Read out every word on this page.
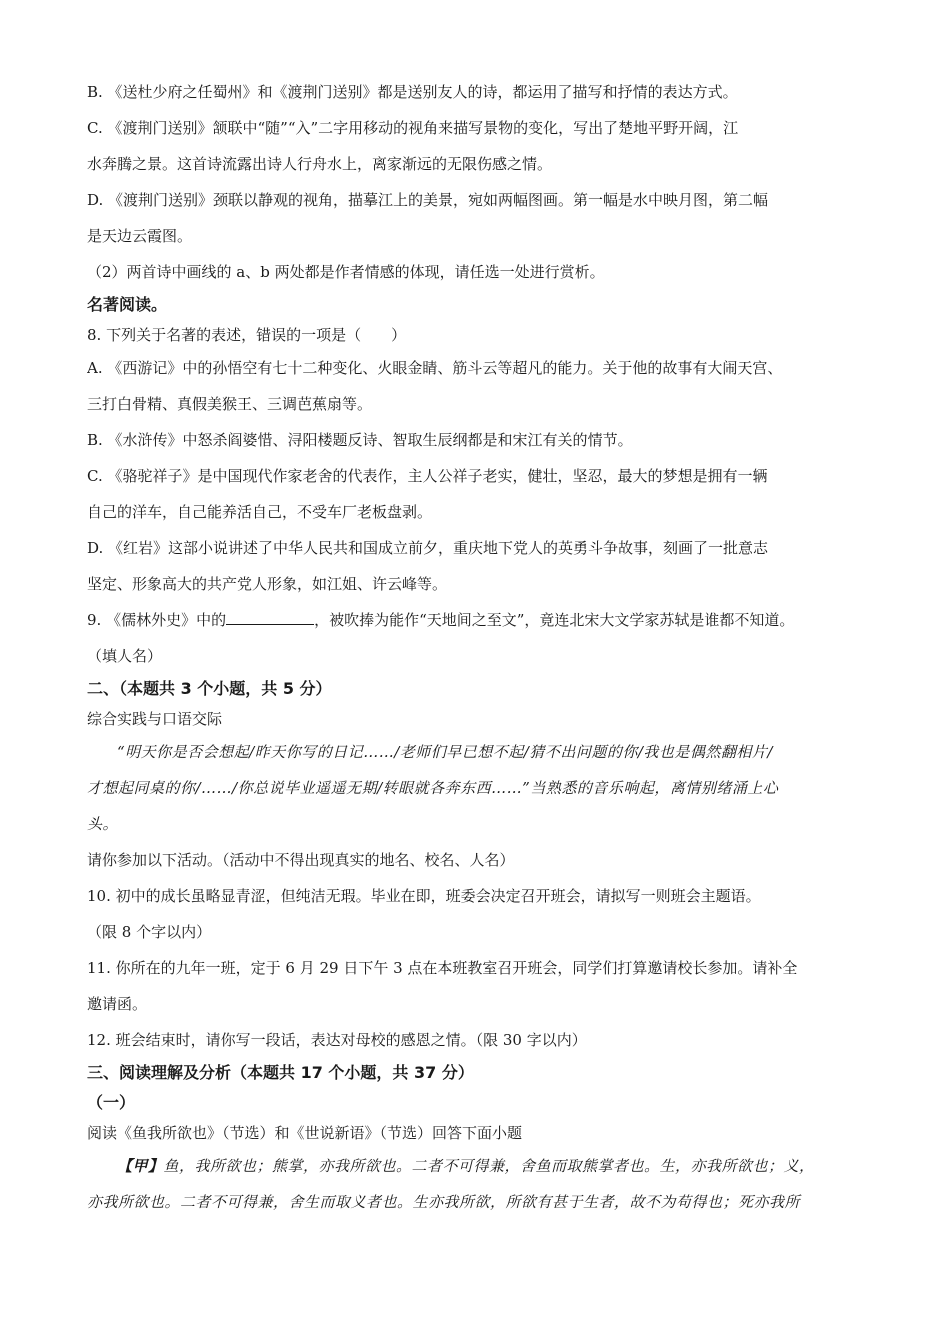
B. 《送杜少府之任蜀州》和《渡荆门送别》都是送别友人的诗，都运用了描写和抒情的表达方式。
C. 《渡荆门送别》颔联中“随”“入”二字用移动的视角来描写景物的变化，写出了楚地平野开阔，江
水奔腾之景。这首诗流露出诗人行舟水上，离家渐远的无限伤感之情。
D. 《渡荆门送别》颈联以静观的视角，描摹江上的美景，宛如两幅图画。第一幅是水中映月图，第二幅
是天边云霞图。
（2）两首诗中画线的 a、b 两处都是作者情感的体现，请任选一处进行赏析。
名著阅读。
8. 下列关于名著的表述，错误的一项是（　　）
A. 《西游记》中的孙悟空有七十二种变化、火眼金睛、筋斗云等超凡的能力。关于他的故事有大闹天宫、
三打白骨精、真假美猴王、三调芭蕉扇等。
B. 《水浒传》中怒杀阎婆惜、浔阳楼题反诗、智取生辰纲都是和宋江有关的情节。
C. 《骆驼祥子》是中国现代作家老舍的代表作，主人公祥子老实，健壮，坚忍，最大的梦想是拥有一辆
自己的洋车，自己能养活自己，不受车厂老板盘剥。
D. 《红岩》这部小说讲述了中华人民共和国成立前夕，重庆地下党人的英勇斗争故事，刻画了一批意志
坚定、形象高大的共产党人形象，如江姐、许云峰等。
9. 《儒林外史》中的	，被吹捧为能作“天地间之至文”，竟连北宋大文学家苏轼是谁都不知道。
（填人名）
二、（本题共 3 个小题，共 5 分）
综合实践与口语交际
“明天你是否会想起/昨天你写的日记……/老师们早已想不起/猜不出问题的你/我也是偶然翻相片/
才想起同桌的你/……/你总说毕业遥遥无期/转眼就各奔东西……”当熟悉的音乐响起，离情别绪涌上心
头。
请你参加以下活动。（活动中不得出现真实的地名、校名、人名）
10. 初中的成长虽略显青涩，但纯洁无瑕。毕业在即，班委会决定召开班会，请拟写一则班会主题语。
（限 8 个字以内）
11. 你所在的九年一班，定于 6 月 29 日下午 3 点在本班教室召开班会，同学们打算邀请校长参加。请补全
邀请函。
12. 班会结束时，请你写一段话，表达对母校的感恩之情。（限 30 字以内）
三、阅读理解及分析（本题共 17 个小题，共 37 分）
（一）
阅读《鱼我所欲也》（节选）和《世说新语》（节选）回答下面小题
【甲】鱼，我所欲也；熊掌，亦我所欲也。二者不可得兼，舍鱼而取熊掌者也。生，亦我所欲也；义，
亦我所欲也。二者不可得兼，舍生而取义者也。生亦我所欲，所欲有甚于生者，故不为苟得也；死亦我所
